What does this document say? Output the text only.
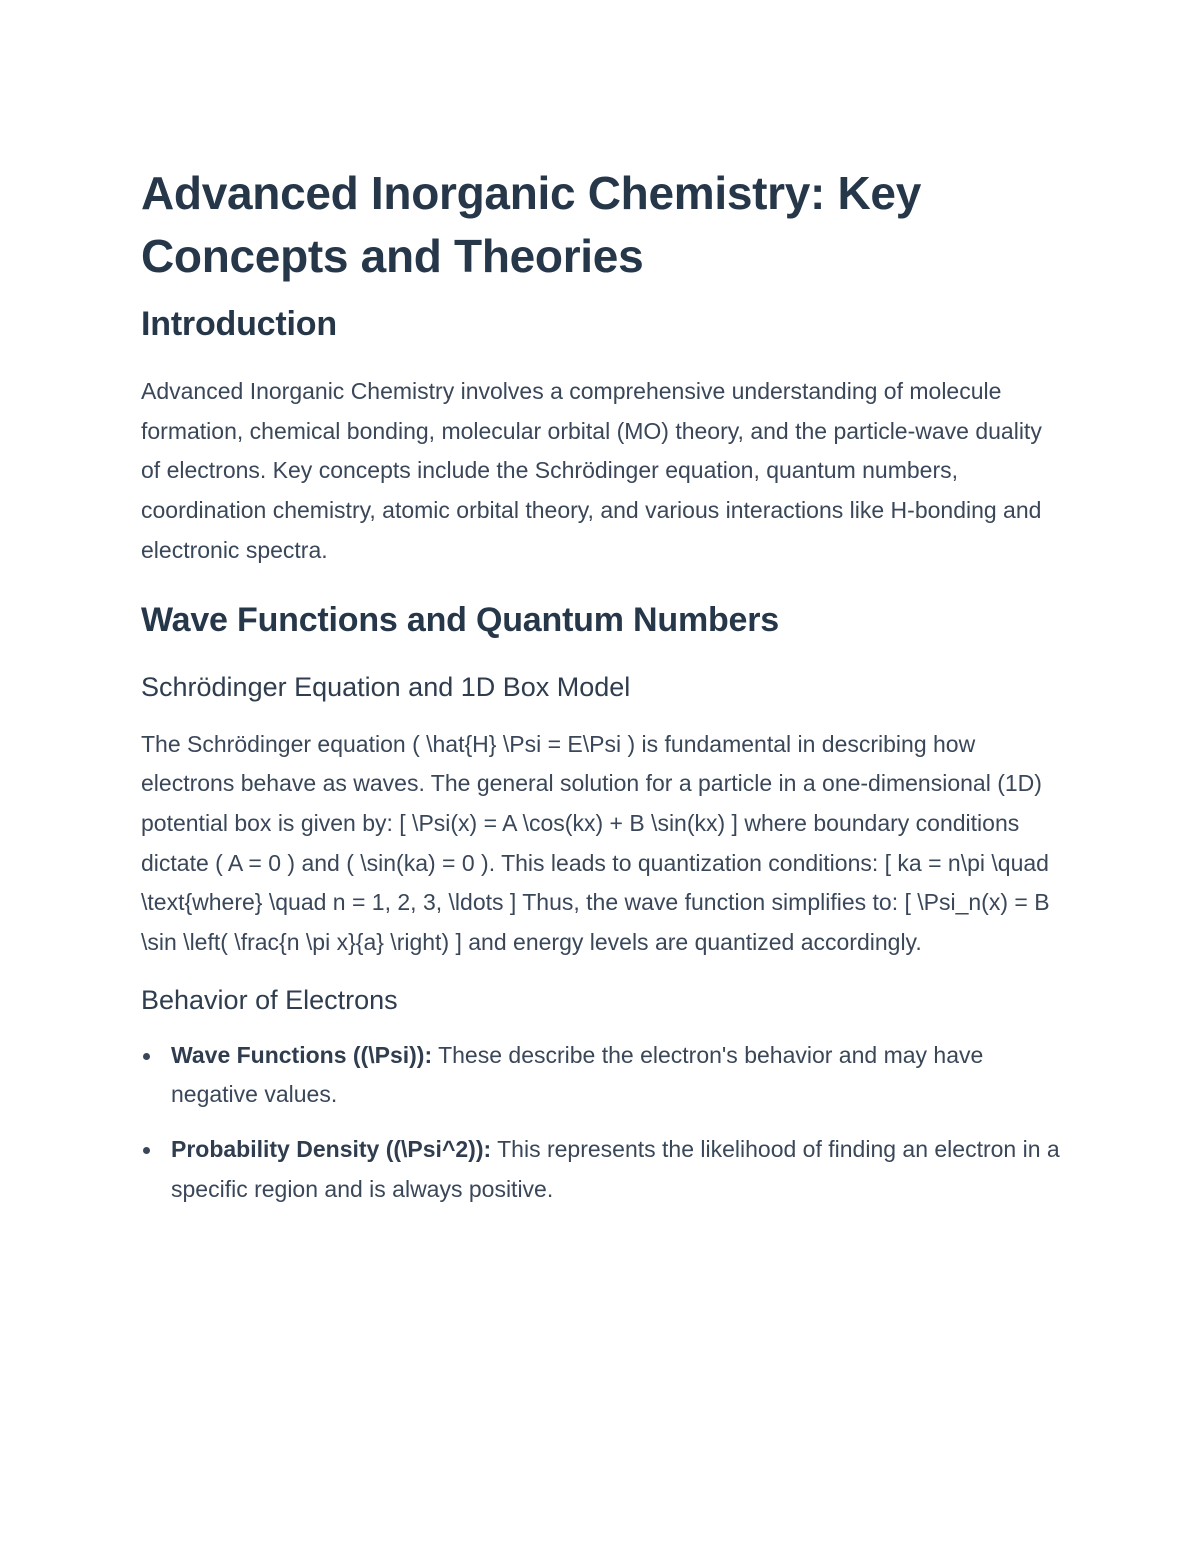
Advanced Inorganic Chemistry: Key Concepts and Theories
Introduction

Advanced Inorganic Chemistry involves a comprehensive understanding of molecule formation, chemical bonding, molecular orbital (MO) theory, and the particle-wave duality of electrons. Key concepts include the Schrödinger equation, quantum numbers, coordination chemistry, atomic orbital theory, and various interactions like H-bonding and electronic spectra.

Wave Functions and Quantum Numbers
Schrödinger Equation and 1D Box Model

The Schrödinger equation ( \hat{H} \Psi = E\Psi ) is fundamental in describing how electrons behave as waves. The general solution for a particle in a one-dimensional (1D) potential box is given by: [ \Psi(x) = A \cos(kx) + B \sin(kx) ] where boundary conditions dictate ( A = 0 ) and ( \sin(ka) = 0 ). This leads to quantization conditions: [ ka = n\pi \quad \text{where} \quad n = 1, 2, 3, \ldots ] Thus, the wave function simplifies to: [ \Psi_n(x) = B \sin \left( \frac{n \pi x}{a} \right) ] and energy levels are quantized accordingly.

Behavior of Electrons
Wave Functions ((\Psi)): These describe the electron's behavior and may have negative values.
Probability Density ((\Psi^2)): This represents the likelihood of finding an electron in a specific region and is always positive.
